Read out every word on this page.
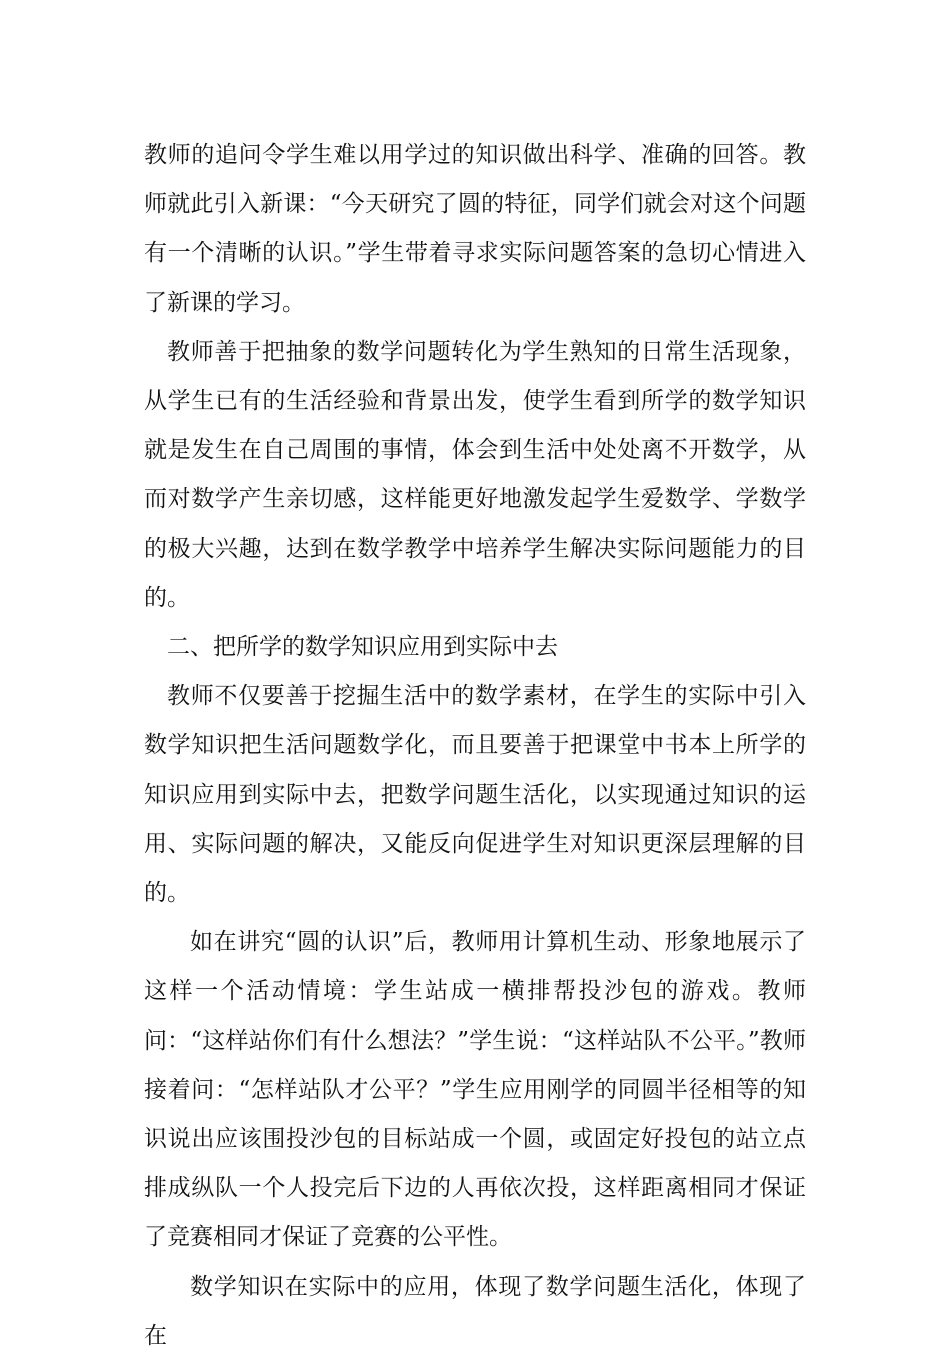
教师的追问令学生难以用学过的知识做出科学、准确的回答。教师就此引入新课：“今天研究了圆的特征，同学们就会对这个问题有一个清晰的认识。”学生带着寻求实际问题答案的急切心情进入了新课的学习。

教师善于把抽象的数学问题转化为学生熟知的日常生活现象，从学生已有的生活经验和背景出发，使学生看到所学的数学知识就是发生在自己周围的事情，体会到生活中处处离不开数学，从而对数学产生亲切感，这样能更好地激发起学生爱数学、学数学的极大兴趣，达到在数学教学中培养学生解决实际问题能力的目的。

二、把所学的数学知识应用到实际中去

教师不仅要善于挖掘生活中的数学素材，在学生的实际中引入数学知识把生活问题数学化，而且要善于把课堂中书本上所学的知识应用到实际中去，把数学问题生活化，以实现通过知识的运用、实际问题的解决，又能反向促进学生对知识更深层理解的目的。

如在讲究“圆的认识”后，教师用计算机生动、形象地展示了这样一个活动情境：学生站成一横排帮投沙包的游戏。教师问：“这样站你们有什么想法？”学生说：“这样站队不公平。”教师接着问：“怎样站队才公平？”学生应用刚学的同圆半径相等的知识说出应该围投沙包的目标站成一个圆，或固定好投包的站立点排成纵队一个人投完后下边的人再依次投，这样距离相同才保证了竞赛相同才保证了竞赛的公平性。

数学知识在实际中的应用，体现了数学问题生活化，体现了在
